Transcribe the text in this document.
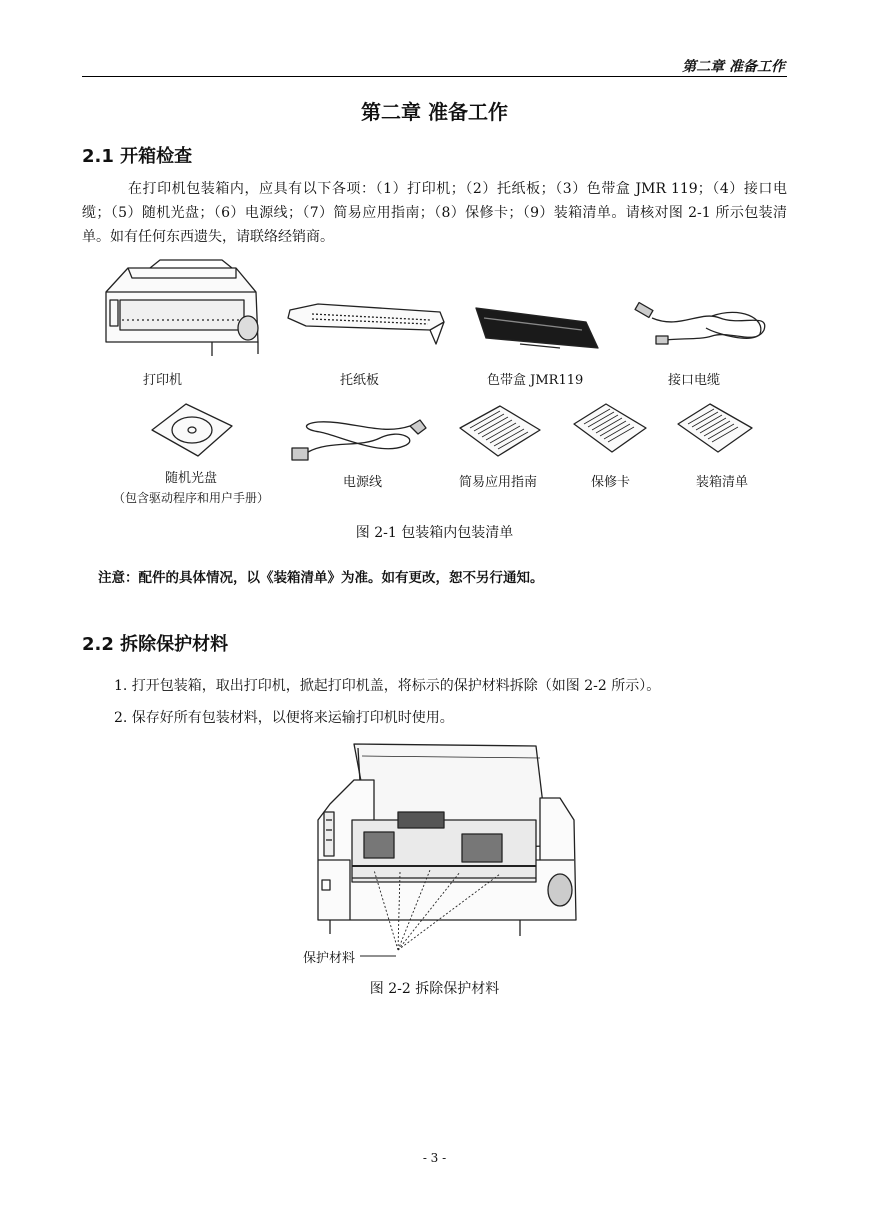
第二章 准备工作
第二章 准备工作
2.1 开箱检查
在打印机包装箱内，应具有以下各项：（1）打印机；（2）托纸板；（3）色带盒 JMR 119；（4）接口电缆；（5）随机光盘；（6）电源线；（7）简易应用指南；（8）保修卡；（9）装箱清单。请核对图 2-1 所示包装清单。如有任何东西遗失，请联络经销商。
打印机	托纸板	色带盒 JMR119	接口电缆
随机光盘
（包含驱动程序和用户手册）
电源线	简易应用指南	保修卡	装箱清单
图 2-1 包装箱内包装清单
注意：配件的具体情况，以《装箱清单》为准。如有更改，恕不另行通知。
2.2 拆除保护材料
1. 打开包装箱，取出打印机，掀起打印机盖，将标示的保护材料拆除（如图 2-2 所示）。
2. 保存好所有包装材料，以便将来运输打印机时使用。
保护材料
图 2-2 拆除保护材料
- 3 -
